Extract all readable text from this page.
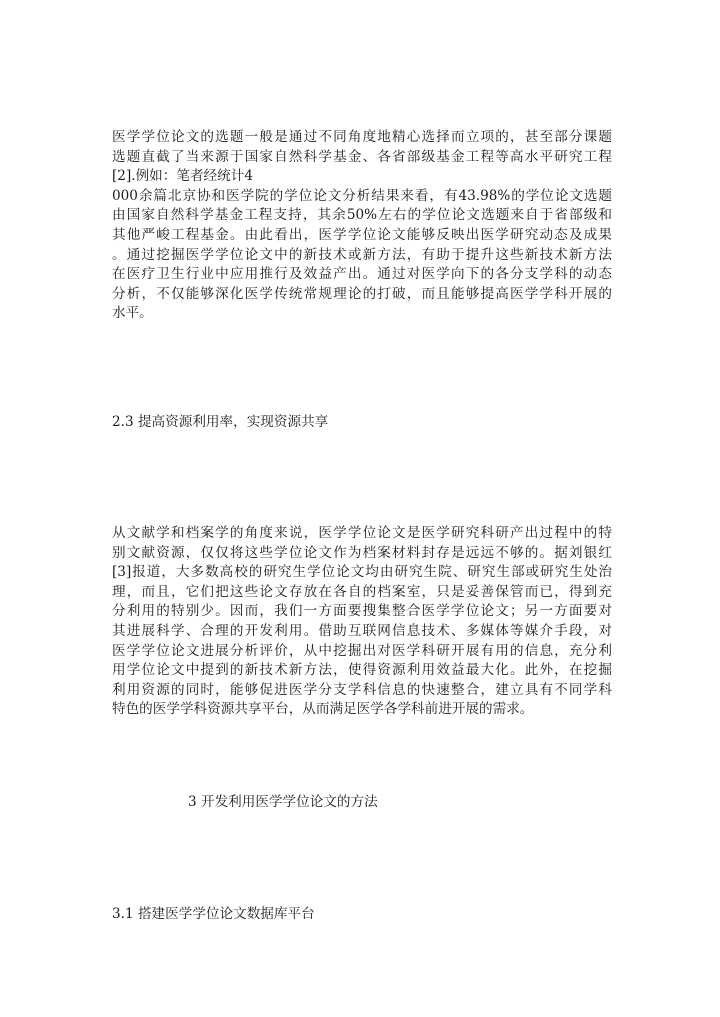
医学学位论文的选题一般是通过不同角度地精心选择而立项的，甚至部分课题
选题直截了当来源于国家自然科学基金、各省部级基金工程等高水平研究工程
[2].例如：笔者经统计4
000余篇北京协和医学院的学位论文分析结果来看，有43.98%的学位论文选题
由国家自然科学基金工程支持，其余50%左右的学位论文选题来自于省部级和
其他严峻工程基金。由此看出，医学学位论文能够反映出医学研究动态及成果
。通过挖掘医学学位论文中的新技术或新方法，有助于提升这些新技术新方法
在医疗卫生行业中应用推行及效益产出。通过对医学向下的各分支学科的动态
分析，不仅能够深化医学传统常规理论的打破，而且能够提高医学学科开展的
水平。
2.3 提高资源利用率，实现资源共享
从文献学和档案学的角度来说，医学学位论文是医学研究科研产出过程中的特
别文献资源，仅仅将这些学位论文作为档案材料封存是远远不够的。据刘银红
[3]报道，大多数高校的研究生学位论文均由研究生院、研究生部或研究生处治
理，而且，它们把这些论文存放在各自的档案室，只是妥善保管而已，得到充
分利用的特别少。因而，我们一方面要搜集整合医学学位论文；另一方面要对
其进展科学、合理的开发利用。借助互联网信息技术、多媒体等媒介手段，对
医学学位论文进展分析评价，从中挖掘出对医学科研开展有用的信息，充分利
用学位论文中提到的新技术新方法，使得资源利用效益最大化。此外，在挖掘
利用资源的同时，能够促进医学分支学科信息的快速整合，建立具有不同学科
特色的医学学科资源共享平台，从而满足医学各学科前进开展的需求。
3 开发利用医学学位论文的方法
3.1 搭建医学学位论文数据库平台
